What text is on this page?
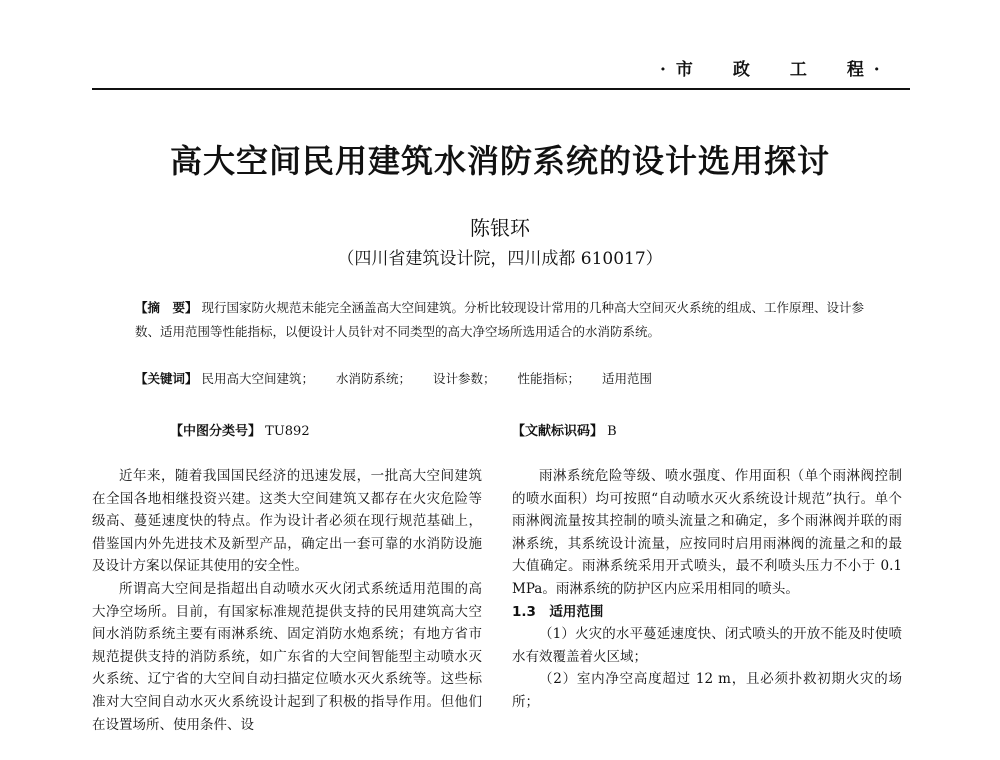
· 市　　政　　工　　程 ·
高大空间民用建筑水消防系统的设计选用探讨
陈银环
（四川省建筑设计院，四川成都 610017）
【摘　要】 现行国家防火规范未能完全涵盖高大空间建筑。分析比较现设计常用的几种高大空间灭火系统的组成、工作原理、设计参数、适用范围等性能指标，以便设计人员针对不同类型的高大净空场所选用适合的水消防系统。
【关键词】 民用高大空间建筑； 水消防系统； 设计参数； 性能指标； 适用范围
【中图分类号】 TU892	【文献标识码】 B

近年来，随着我国国民经济的迅速发展，一批高大空间建筑在全国各地相继投资兴建。这类大空间建筑又都存在火灾危险等级高、蔓延速度快的特点。作为设计者必须在现行规范基础上，借鉴国内外先进技术及新型产品，确定出一套可靠的水消防设施及设计方案以保证其使用的安全性。

所谓高大空间是指超出自动喷水灭火闭式系统适用范围的高大净空场所。目前，有国家标准规范提供支持的民用建筑高大空间水消防系统主要有雨淋系统、固定消防水炮系统；有地方省市规范提供支持的消防系统，如广东省的大空间智能型主动喷水灭火系统、辽宁省的大空间自动扫描定位喷水灭火系统等。这些标准对大空间自动水灭火系统设计起到了积极的指导作用。但他们在设置场所、使用条件、设

雨淋系统危险等级、喷水强度、作用面积（单个雨淋阀控制的喷水面积）均可按照“自动喷水灭火系统设计规范”执行。单个雨淋阀流量按其控制的喷头流量之和确定，多个雨淋阀并联的雨淋系统，其系统设计流量，应按同时启用雨淋阀的流量之和的最大值确定。雨淋系统采用开式喷头，最不利喷头压力不小于 0.1 MPa。雨淋系统的防护区内应采用相同的喷头。

1.3　适用范围

（1）火灾的水平蔓延速度快、闭式喷头的开放不能及时使喷水有效覆盖着火区域；

（2）室内净空高度超过 12 m，且必须扑救初期火灾的场所；
